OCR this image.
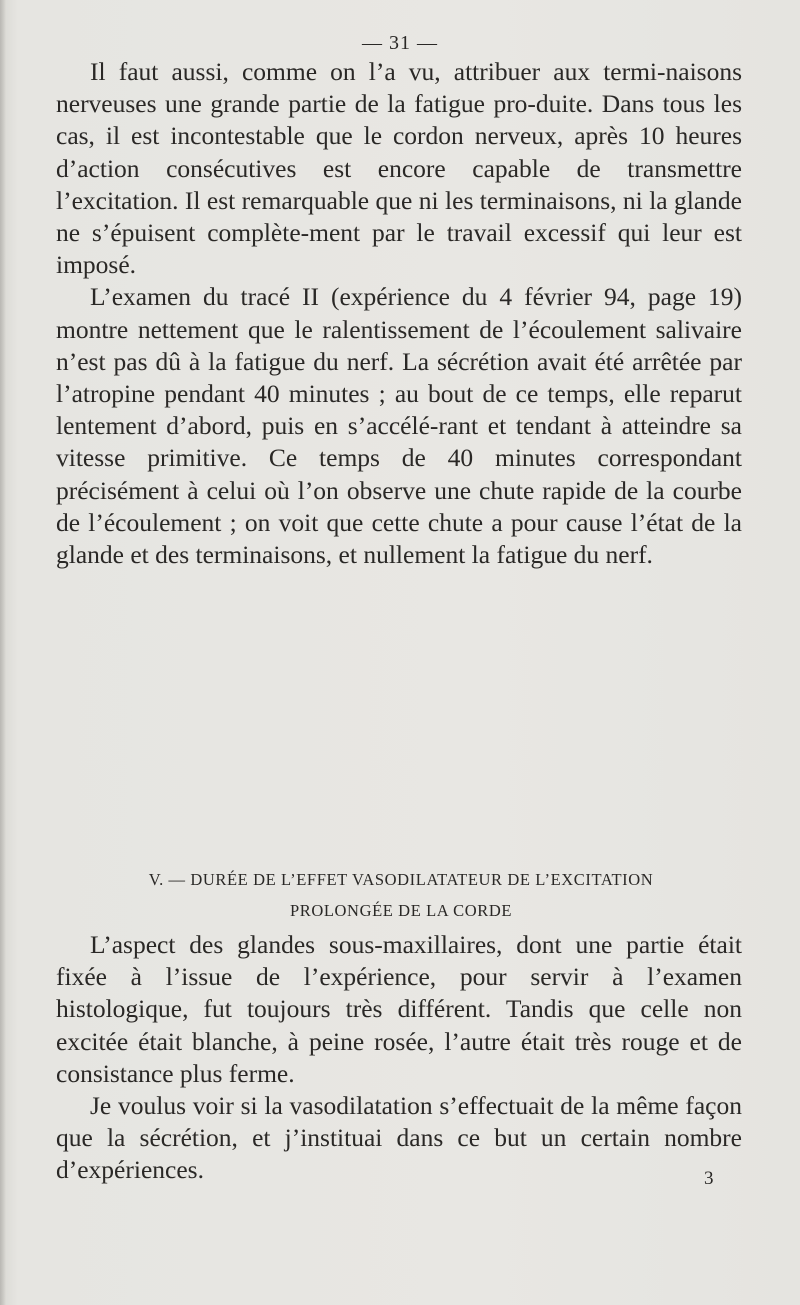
— 31 —

Il faut aussi, comme on l’a vu, attribuer aux termi-naisons nerveuses une grande partie de la fatigue pro-duite. Dans tous les cas, il est incontestable que le cordon nerveux, après 10 heures d’action consécutives est encore capable de transmettre l’excitation. Il est remarquable que ni les terminaisons, ni la glande ne s’épuisent complète-ment par le travail excessif qui leur est imposé.

L’examen du tracé II (expérience du 4 février 94, page 19) montre nettement que le ralentissement de l’écoulement salivaire n’est pas dû à la fatigue du nerf. La sécrétion avait été arrêtée par l’atropine pendant 40 minutes ; au bout de ce temps, elle reparut lentement d’abord, puis en s’accélé-rant et tendant à atteindre sa vitesse primitive. Ce temps de 40 minutes correspondant précisément à celui où l’on observe une chute rapide de la courbe de l’écoulement ; on voit que cette chute a pour cause l’état de la glande et des terminaisons, et nullement la fatigue du nerf.

V. — DURÉE DE L’EFFET VASODILATATEUR DE L’EXCITATION
PROLONGÉE DE LA CORDE

L’aspect des glandes sous-maxillaires, dont une partie était fixée à l’issue de l’expérience, pour servir à l’examen histologique, fut toujours très différent. Tandis que celle non excitée était blanche, à peine rosée, l’autre était très rouge et de consistance plus ferme.

Je voulus voir si la vasodilatation s’effectuait de la même façon que la sécrétion, et j’instituai dans ce but un certain nombre d’expériences.	3
